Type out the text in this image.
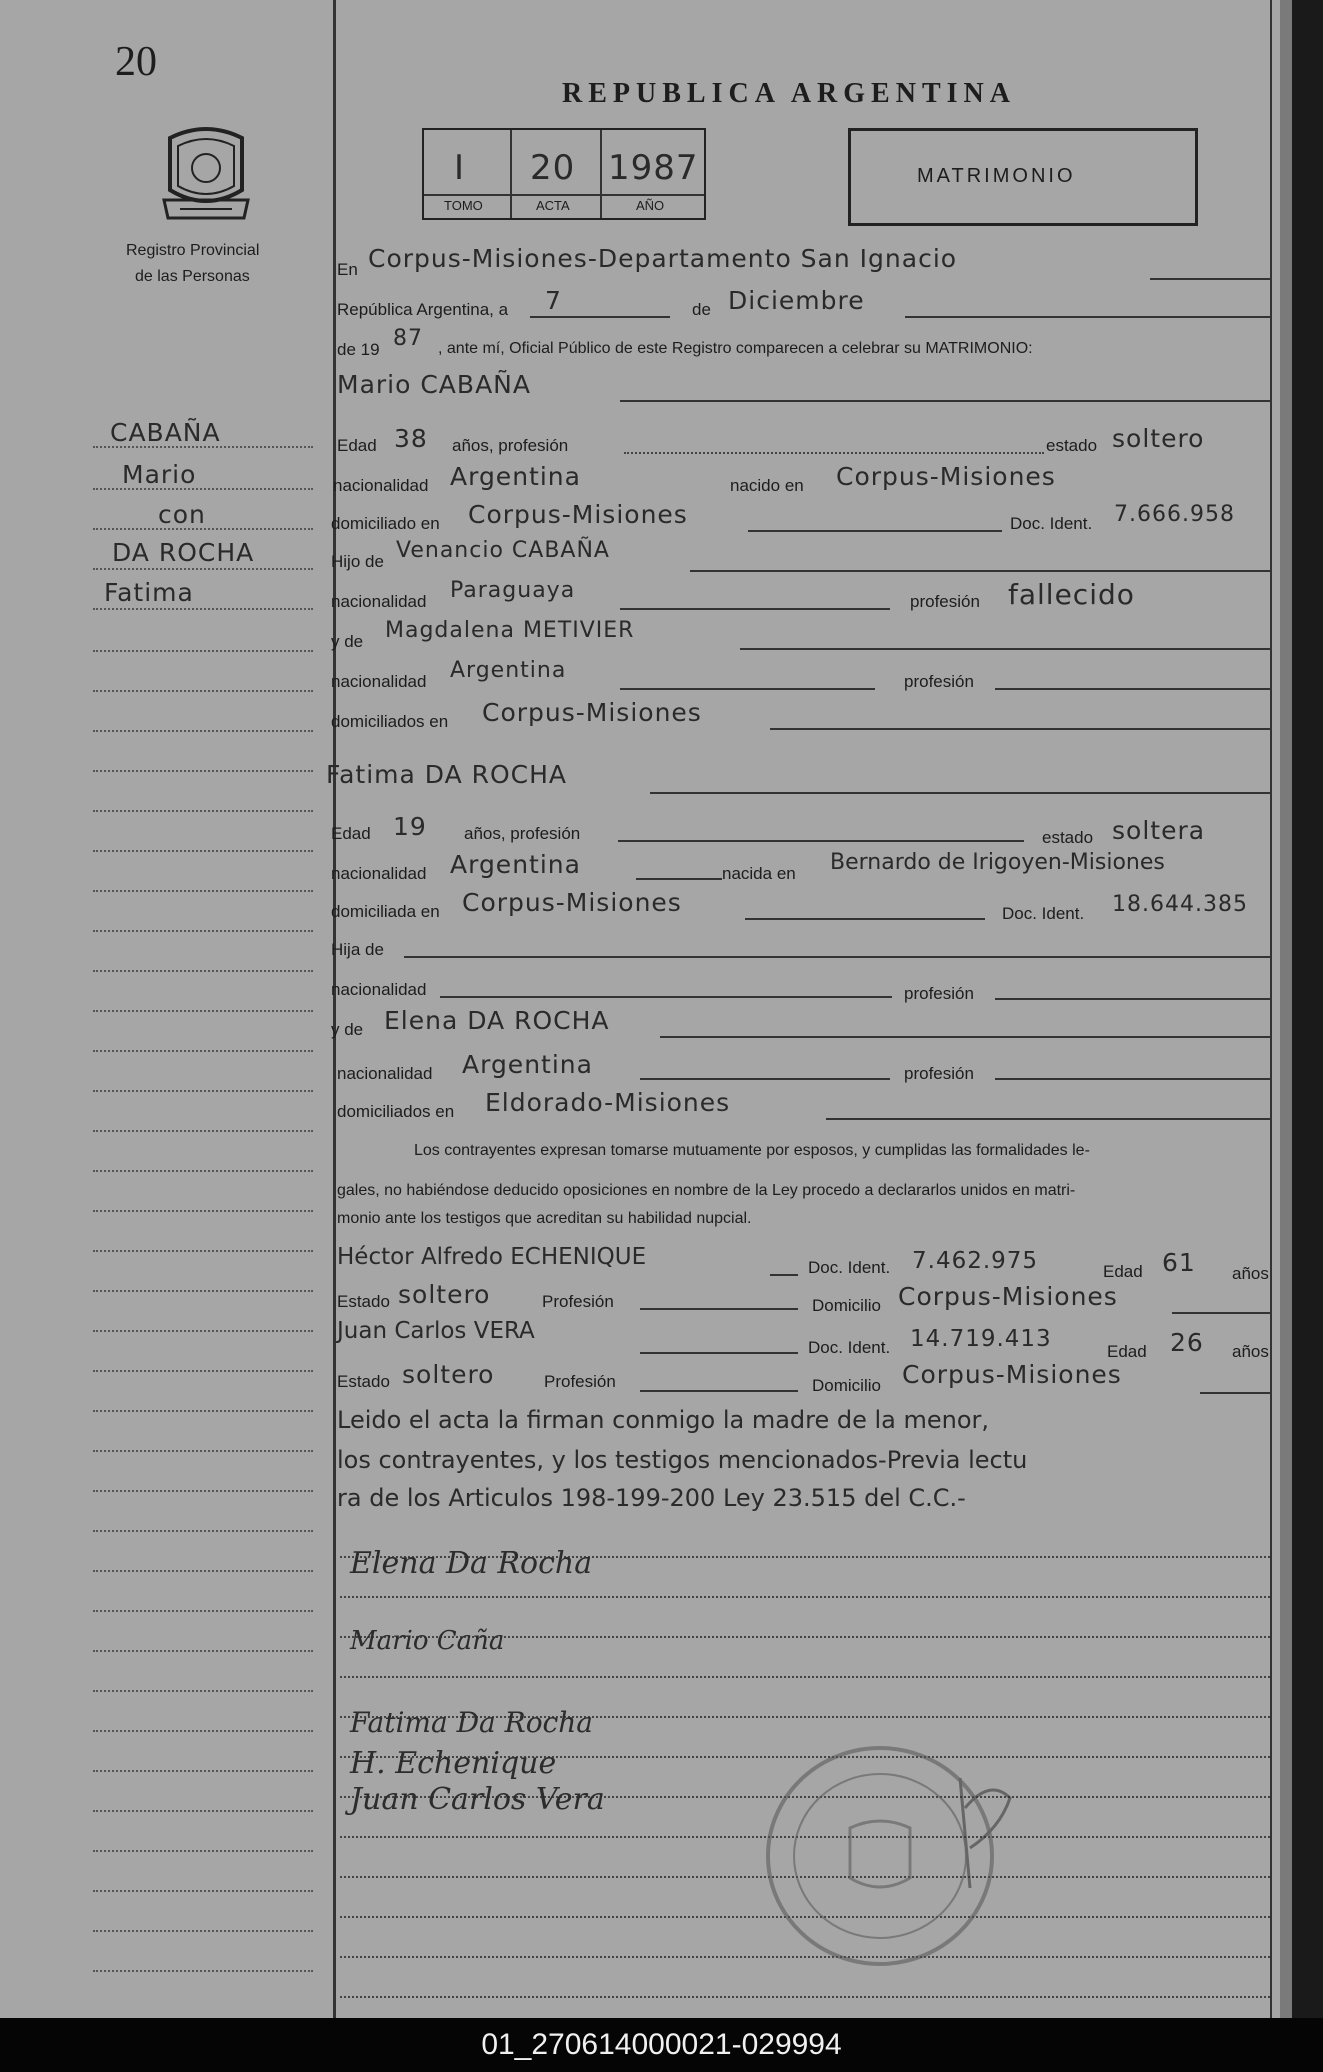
20
Registro Provincial
de las Personas
REPUBLICA ARGENTINA
I 20 1987
TOMO	ACTA	AÑO
MATRIMONIO
CABAÑA
Mario
con
DA ROCHA
Fatima
En Corpus-Misiones-Departamento San Ignacio
República Argentina, a 7	de Diciembre
de 19 87 , ante mí, Oficial Público de este Registro comparecen a celebrar su MATRIMONIO:
Mario CABAÑA
Edad 38 años, profesión	estado soltero
nacionalidad Argentina	nacido en Corpus-Misiones
domiciliado en Corpus-Misiones	Doc. Ident. 7.666.958
Hijo de Venancio CABAÑA
nacionalidad Paraguaya	profesión fallecido
y de Magdalena METIVIER
nacionalidad Argentina	profesión
domiciliados en Corpus-Misiones
Fatima DA ROCHA
Edad 19 años, profesión	estado soltera
nacionalidad Argentina	nacida en Bernardo de Irigoyen-Misiones
domiciliada en Corpus-Misiones	Doc. Ident. 18.644.385
Hija de
nacionalidad	profesión
y de Elena DA ROCHA
nacionalidad Argentina	profesión
domiciliados en Eldorado-Misiones
Los contrayentes expresan tomarse mutuamente por esposos, y cumplidas las formalidades le-
gales, no habiéndose deducido oposiciones en nombre de la Ley procedo a declararlos unidos en matri-
monio ante los testigos que acreditan su habilidad nupcial.
Héctor Alfredo ECHENIQUE	Doc. Ident. 7.462.975	Edad 61 años
Estado soltero	Profesión	Domicilio Corpus-Misiones
Juan Carlos VERA
Doc. Ident. 14.719.413	Edad 26 años
Estado soltero	Profesión	Domicilio Corpus-Misiones
Leido el acta la firman conmigo la madre de la menor,
los contrayentes, y los testigos mencionados-Previa lectu
ra de los Articulos 198-199-200 Ley 23.515 del C.C.-
Elena Da Rocha
Mario Caña
Fatima Da Rocha
H. Echenique
Juan Carlos Vera
01_270614000021-029994
